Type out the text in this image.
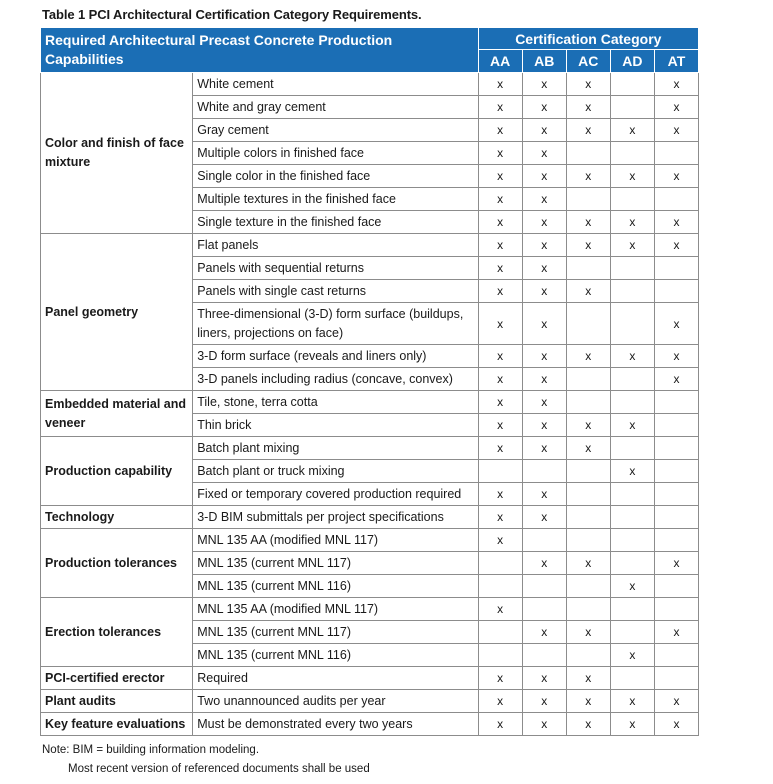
Table 1 PCI Architectural Certification Category Requirements.
Required Architectural Precast Concrete Production Capabilities		Certification Category				
		AA	AB	AC	AD	AT
Color and finish of face mixture	White cement	x	x	x		x
	White and gray cement	x	x	x		x
	Gray cement	x	x	x	x	x
	Multiple colors in finished face	x	x			
	Single color in the finished face	x	x	x	x	x
	Multiple textures in the finished face	x	x			
	Single texture in the finished face	x	x	x	x	x
Panel geometry	Flat panels	x	x	x	x	x
	Panels with sequential returns	x	x			
	Panels with single cast returns	x	x	x		
	Three-dimensional (3-D) form surface (buildups, liners, projections on face)	x	x			x
	3-D form surface (reveals and liners only)	x	x	x	x	x
	3-D panels including radius (concave, convex)	x	x			x
Embedded material and veneer	Tile, stone, terra cotta	x	x			
	Thin brick	x	x	x	x	
Production capability	Batch plant mixing	x	x	x		
	Batch plant or truck mixing				x	
	Fixed or temporary covered production required	x	x			
Technology	3-D BIM submittals per project specifications	x	x			
Production tolerances	MNL 135 AA (modified MNL 117)	x				
	MNL 135 (current MNL 117)		x	x		x
	MNL 135 (current MNL 116)				x	
Erection tolerances	MNL 135 AA (modified MNL 117)	x				
	MNL 135 (current MNL 117)		x	x		x
	MNL 135 (current MNL 116)				x	
PCI-certified erector	Required	x	x	x		
Plant audits	Two unannounced audits per year	x	x	x	x	x
Key feature evaluations	Must be demonstrated every two years	x	x	x	x	x
Note: BIM = building information modeling.
Most recent version of referenced documents shall be used
